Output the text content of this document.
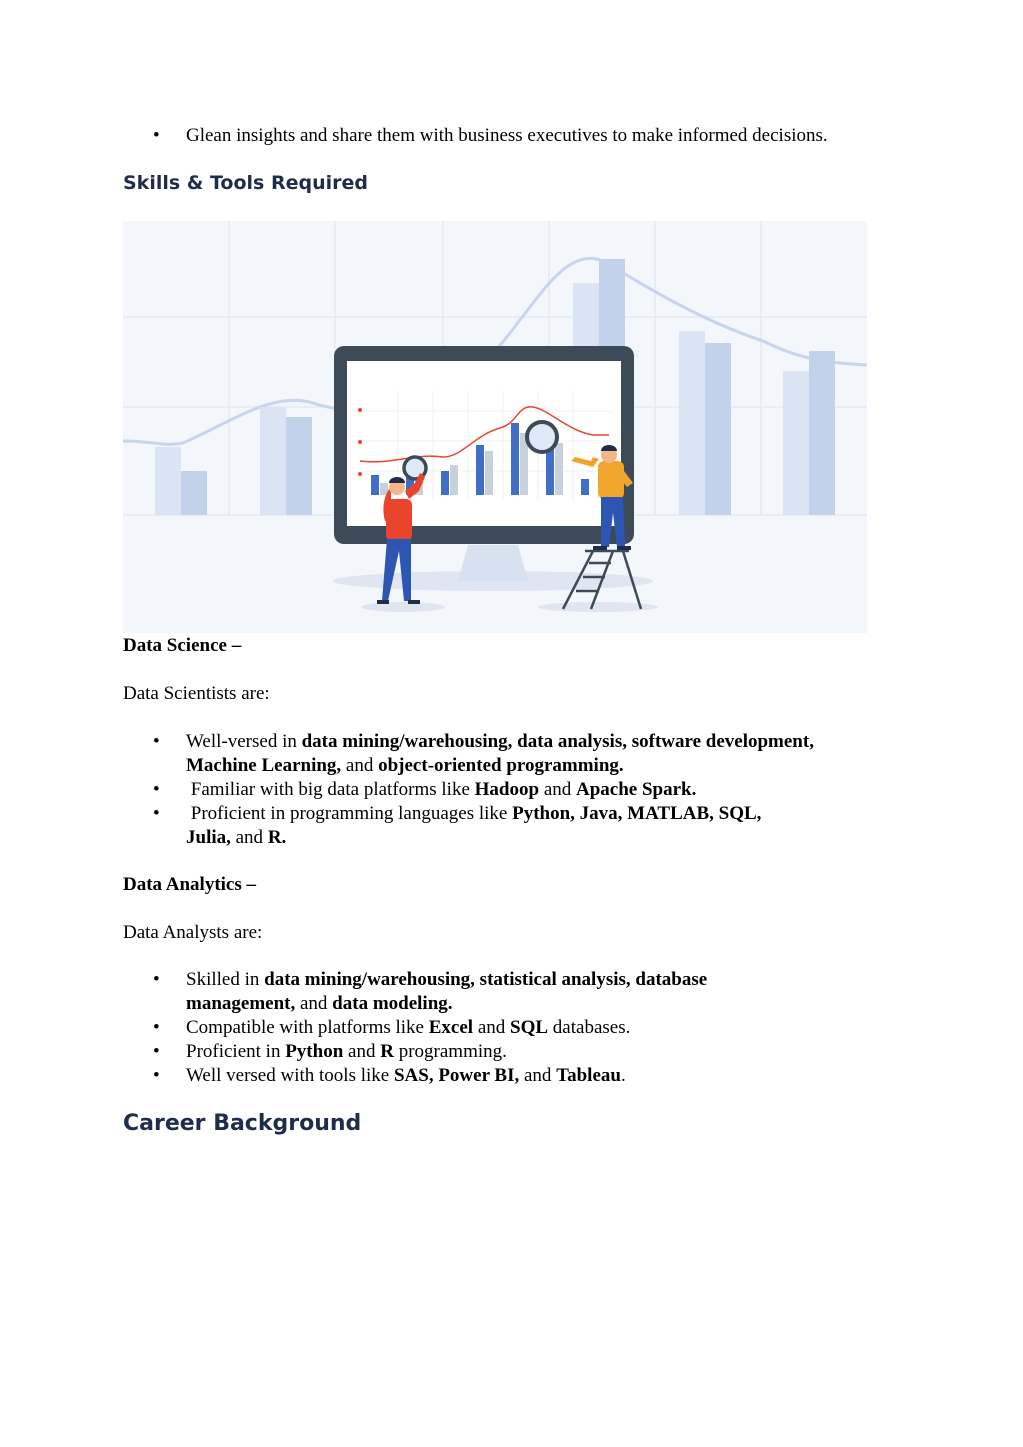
• Glean insights and share them with business executives to make informed decisions.
Skills & Tools Required
Data Science –
Data Scientists are:
• Well-versed in data mining/warehousing, data analysis, software development,
Machine Learning, and object-oriented programming.
• Familiar with big data platforms like Hadoop and Apache Spark.
• Proficient in programming languages like Python, Java, MATLAB, SQL,
Julia, and R.
Data Analytics –
Data Analysts are:
• Skilled in data mining/warehousing, statistical analysis, database
management, and data modeling.
• Compatible with platforms like Excel and SQL databases.
• Proficient in Python and R programming.
• Well versed with tools like SAS, Power BI, and Tableau.
Career Background
